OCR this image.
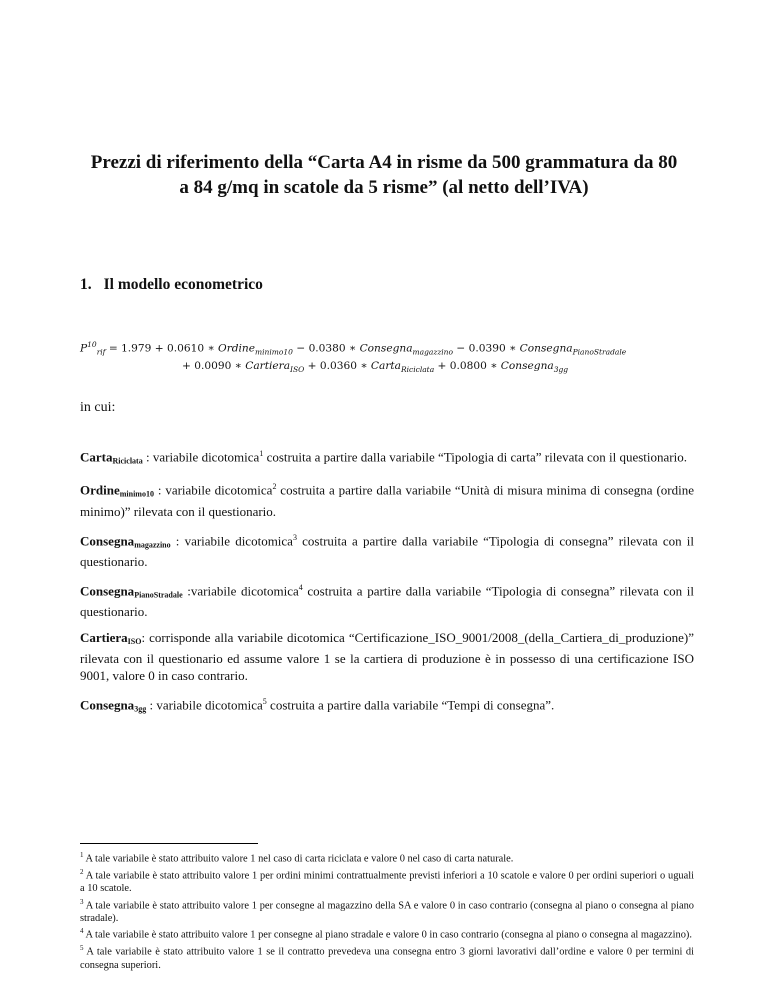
Prezzi di riferimento della “Carta A4 in risme da 500 grammatura da 80
a 84 g/mq in scatole da 5 risme” (al netto dell’IVA)
1. Il modello econometrico
$P^{10}_{rif} = 1.979 + 0.0610$ ∗ Ordine$_{minimo10}$ − 0.0380 ∗ Consegna$_{magazzino}$ − 0.0390 ∗ Consegna$_{PianoStradale}$
+ 0.0090 ∗ Cartiera$_{ISO}$ + 0.0360 ∗ Carta$_{Riciclata}$ + 0.0800 ∗ Consegna$_{3gg}$
in cui:

Carta$_{Riciclata}$ : variabile dicotomica$^1$ costruita a partire dalla variabile “Tipologia di carta” rilevata con il questionario.

Ordine$_{minimo10}$ : variabile dicotomica$^2$ costruita a partire dalla variabile “Unità di misura minima di consegna (ordine minimo)” rilevata con il questionario.

Consegna$_{magazzino}$ : variabile dicotomica$^3$ costruita a partire dalla variabile “Tipologia di consegna” rilevata con il questionario.

Consegna$_{PianoStradale}$ :variabile dicotomica$^4$ costruita a partire dalla variabile “Tipologia di consegna” rilevata con il questionario.

Cartiera$_{ISO}$: corrisponde alla variabile dicotomica “Certificazione_ISO_9001/2008_(della_Cartiera_di_produzione)” rilevata con il questionario ed assume valore 1 se la cartiera di produzione è in possesso di una certificazione ISO 9001, valore 0 in caso contrario.

Consegna$_{3gg}$ : variabile dicotomica$^5$ costruita a partire dalla variabile “Tempi di consegna”.

$^1$ A tale variabile è stato attribuito valore 1 nel caso di carta riciclata e valore 0 nel caso di carta naturale.

$^2$ A tale variabile è stato attribuito valore 1 per ordini minimi contrattualmente previsti inferiori a 10 scatole e valore 0 per ordini superiori o uguali a 10 scatole.

$^3$ A tale variabile è stato attribuito valore 1 per consegne al magazzino della SA e valore 0 in caso contrario (consegna al piano o consegna al piano stradale).

$^4$ A tale variabile è stato attribuito valore 1 per consegne al piano stradale e valore 0 in caso contrario (consegna al piano o consegna al magazzino).

$^5$ A tale variabile è stato attribuito valore 1 se il contratto prevedeva una consegna entro 3 giorni lavorativi dall’ordine e valore 0 per termini di consegna superiori.
